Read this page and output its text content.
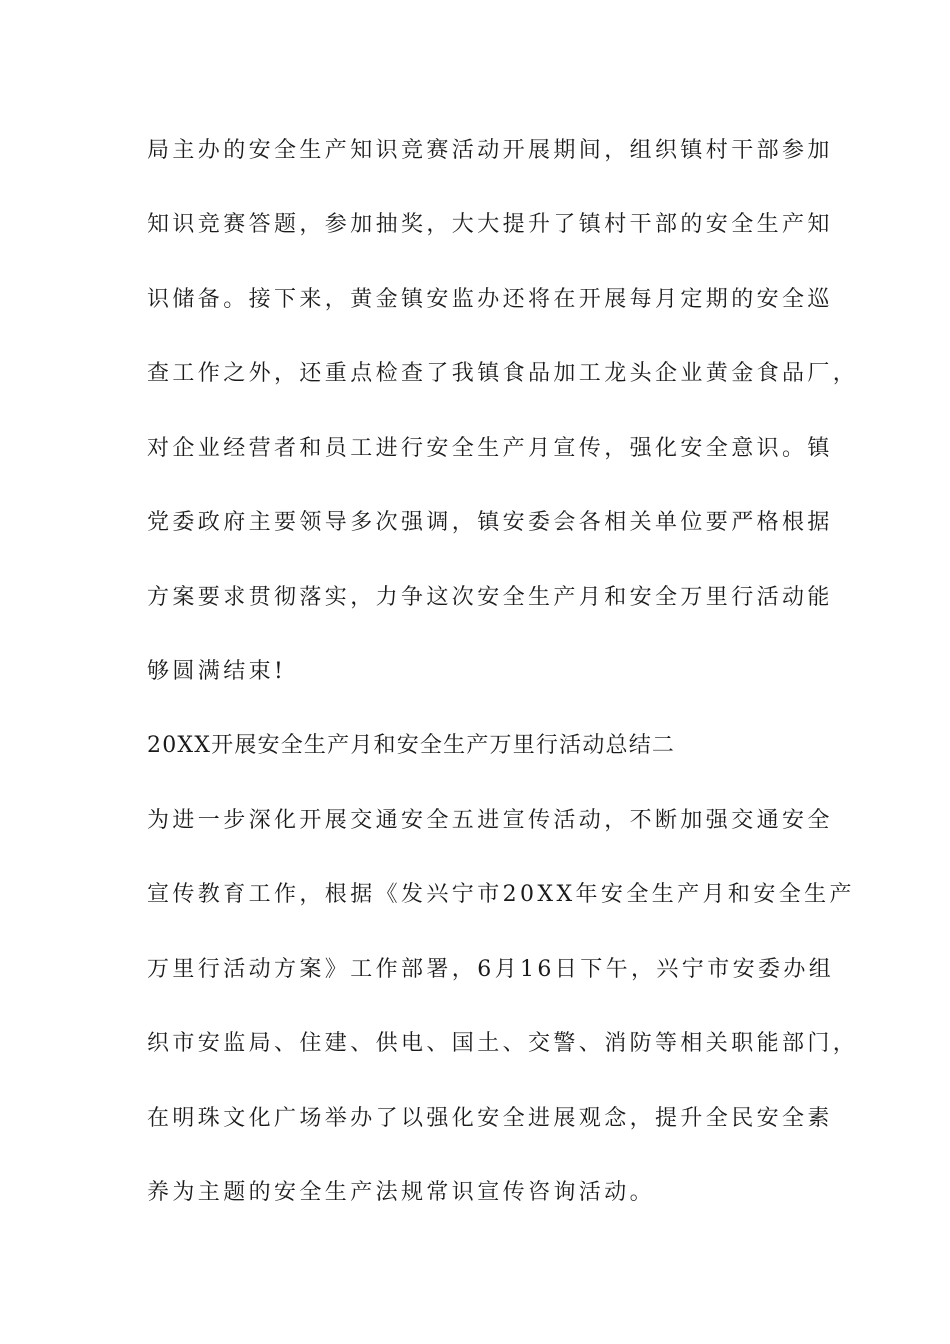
局主办的安全生产知识竞赛活动开展期间，组织镇村干部参加
知识竞赛答题，参加抽奖，大大提升了镇村干部的安全生产知
识储备。接下来，黄金镇安监办还将在开展每月定期的安全巡
查工作之外，还重点检查了我镇食品加工龙头企业黄金食品厂，
对企业经营者和员工进行安全生产月宣传，强化安全意识。镇
党委政府主要领导多次强调，镇安委会各相关单位要严格根据
方案要求贯彻落实，力争这次安全生产月和安全万里行活动能
够圆满结束!
20XX开展安全生产月和安全生产万里行活动总结二
为进一步深化开展交通安全五进宣传活动，不断加强交通安全
宣传教育工作，根据《发兴宁市20XX年安全生产月和安全生产
万里行活动方案》工作部署，6月16日下午，兴宁市安委办组
织市安监局、住建、供电、国土、交警、消防等相关职能部门，
在明珠文化广场举办了以强化安全进展观念，提升全民安全素
养为主题的安全生产法规常识宣传咨询活动。
